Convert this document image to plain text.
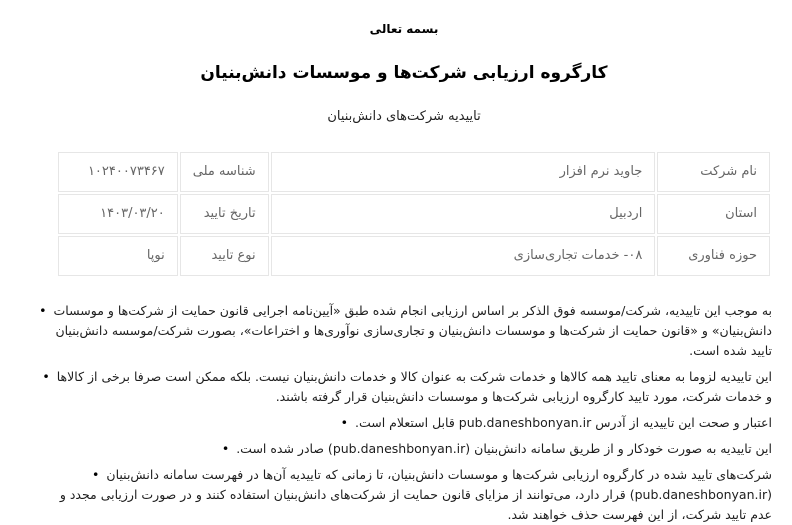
بسمه تعالی
کارگروه ارزیابی شرکت‌ها و موسسات دانش‌بنیان
تاییدیه شرکت‌های دانش‌بنیان
نام شرکت	جاوید نرم افزار	شناسه ملی	۱۰۲۴۰۰۷۳۴۶۷
استان	اردبیل	تاریخ تایید	۱۴۰۳/۰۳/۲۰
حوزه فناوری	۰۸- خدمات تجاری‌سازی	نوع تایید	نوپا
• به موجب این تاییدیه، شرکت/موسسه فوق الذکر بر اساس ارزیابی انجام شده طبق «آیین‌نامه اجرایی قانون حمایت از شرکت‌ها و موسسات دانش‌بنیان» و «قانون حمایت از شرکت‌ها و موسسات دانش‌بنیان و تجاری‌سازی نوآوری‌ها و اختراعات»، بصورت شرکت/موسسه دانش‌بنیان تایید شده است.
• این تاییدیه لزوما به معنای تایید همه کالاها و خدمات شرکت به عنوان کالا و خدمات دانش‌بنیان نیست. بلکه ممکن است صرفا برخی از کالاها و خدمات شرکت، مورد تایید کارگروه ارزیابی شرکت‌ها و موسسات دانش‌بنیان قرار گرفته باشند.
• اعتبار و صحت این تاییدیه از آدرس pub.daneshbonyan.ir قابل استعلام است.
• این تاییدیه به صورت خودکار و از طریق سامانه دانش‌بنیان (pub.daneshbonyan.ir) صادر شده است.
• شرکت‌های تایید شده در کارگروه ارزیابی شرکت‌ها و موسسات دانش‌بنیان، تا زمانی که تاییدیه آن‌ها در فهرست سامانه دانش‌بنیان (pub.daneshbonyan.ir) قرار دارد، می‌توانند از مزایای قانون حمایت از شرکت‌های دانش‌بنیان استفاده کنند و در صورت ارزیابی مجدد و عدم تایید شرکت، از این فهرست حذف خواهند شد.
